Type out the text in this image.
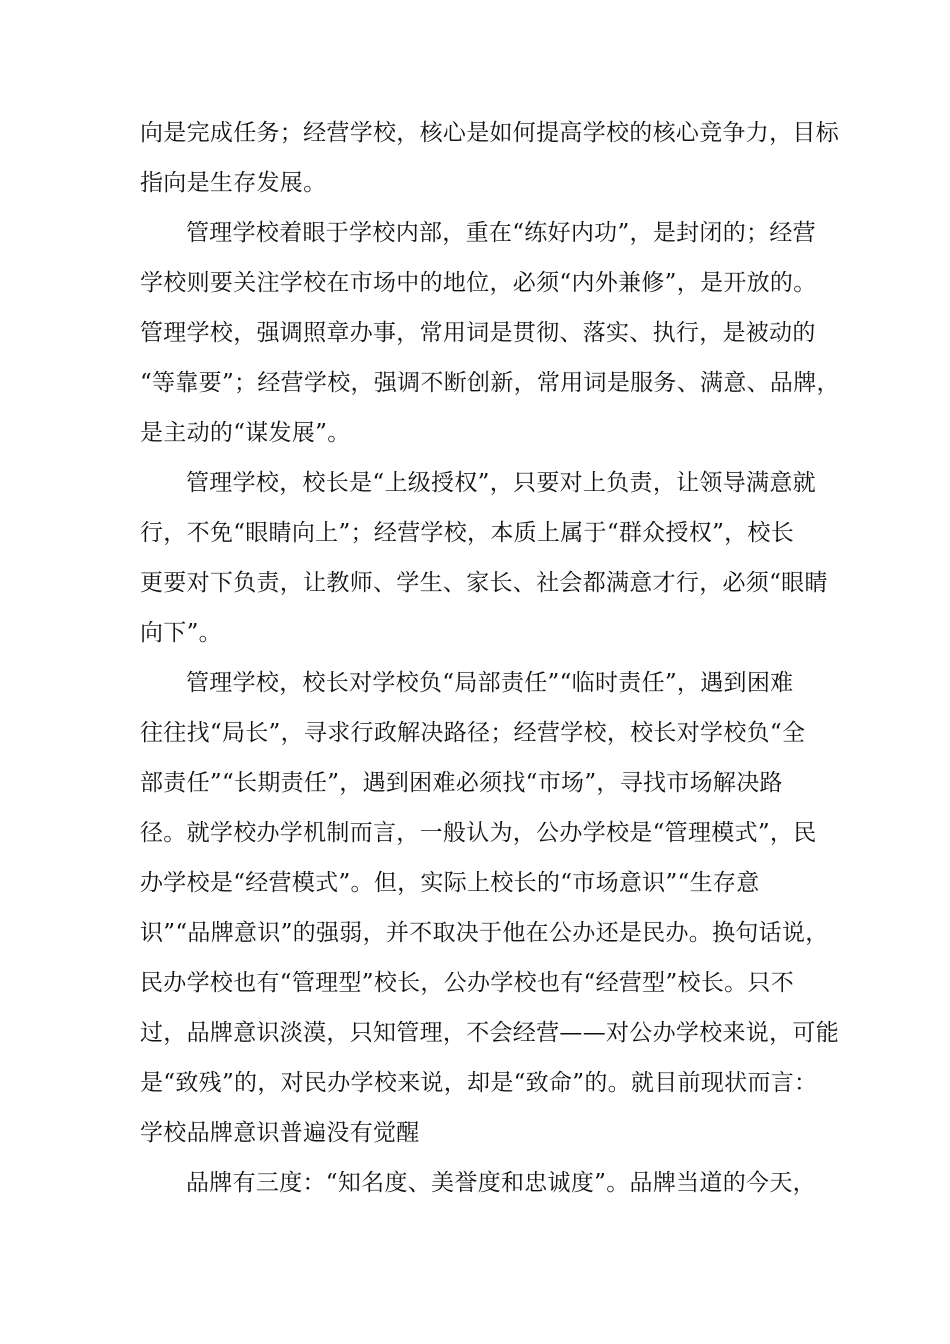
向是完成任务；经营学校，核心是如何提高学校的核心竞争力，目标
指向是生存发展。
管理学校着眼于学校内部，重在“练好内功”，是封闭的；经营
学校则要关注学校在市场中的地位，必须“内外兼修”，是开放的。
管理学校，强调照章办事，常用词是贯彻、落实、执行，是被动的
“等靠要”；经营学校，强调不断创新，常用词是服务、满意、品牌，
是主动的“谋发展”。
管理学校，校长是“上级授权”，只要对上负责，让领导满意就
行，不免“眼睛向上”；经营学校，本质上属于“群众授权”，校长
更要对下负责，让教师、学生、家长、社会都满意才行，必须“眼睛
向下”。
管理学校，校长对学校负“局部责任”“临时责任”，遇到困难
往往找“局长”，寻求行政解决路径；经营学校，校长对学校负“全
部责任”“长期责任”，遇到困难必须找“市场”，寻找市场解决路
径。就学校办学机制而言，一般认为，公办学校是“管理模式”，民
办学校是“经营模式”。但，实际上校长的“市场意识”“生存意
识”“品牌意识”的强弱，并不取决于他在公办还是民办。换句话说，
民办学校也有“管理型”校长，公办学校也有“经营型”校长。只不
过，品牌意识淡漠，只知管理，不会经营——对公办学校来说，可能
是“致残”的，对民办学校来说，却是“致命”的。就目前现状而言：
学校品牌意识普遍没有觉醒
品牌有三度：“知名度、美誉度和忠诚度”。品牌当道的今天，
